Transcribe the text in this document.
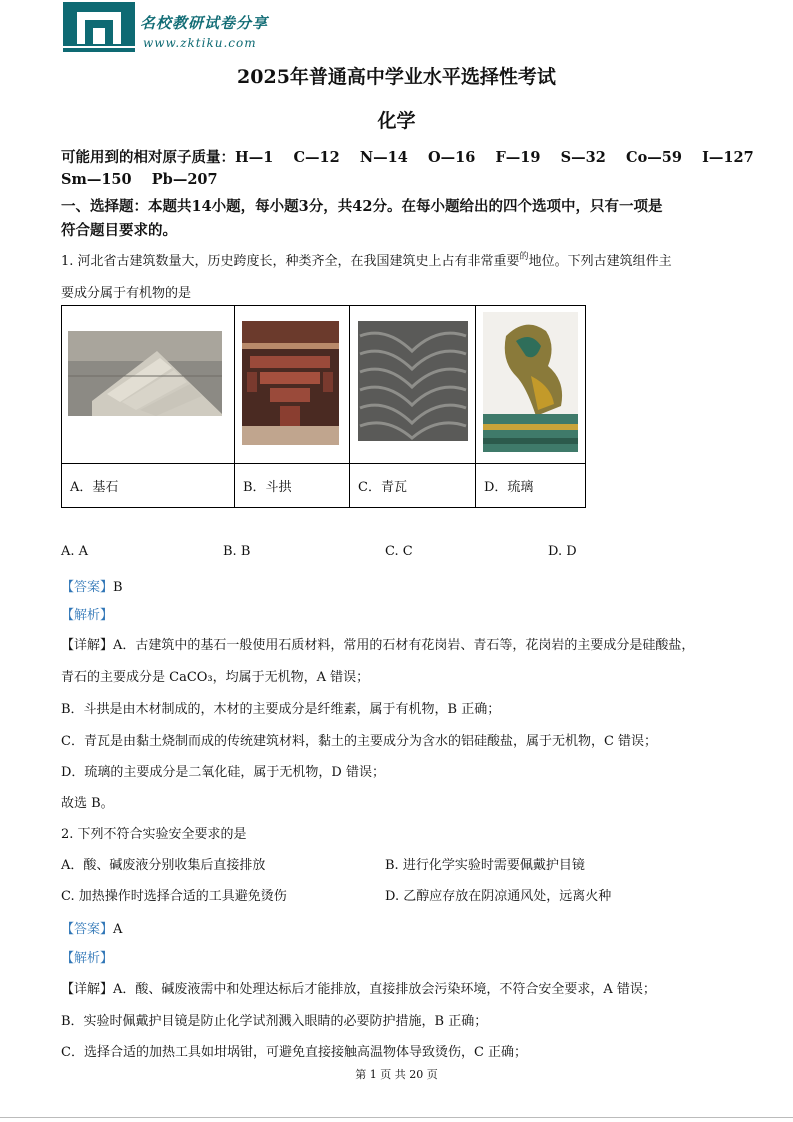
名校教研试卷分享
www.zktiku.com
2025年普通高中学业水平选择性考试
化学
可能用到的相对原子质量：H—1    C—12    N—14    O—16    F—19    S—32    Co—59    I—127
Sm—150    Pb—207
一、选择题：本题共14小题，每小题3分，共42分。在每小题给出的四个选项中，只有一项是
符合题目要求的。
1. 河北省古建筑数量大，历史跨度长，种类齐全，在我国建筑史上占有非常重要$^的$地位。下列古建筑组件主
要成分属于有机物的是

A．基石	B．斗拱	C．青瓦	D．琉璃
A. A	B. B	C. C	D. D
【答案】B
【解析】
【详解】A．古建筑中的基石一般使用石质材料，常用的石材有花岗岩、青石等，花岗岩的主要成分是硅酸盐，
青石的主要成分是 CaCO₃，均属于无机物，A 错误；
B．斗拱是由木材制成的，木材的主要成分是纤维素，属于有机物，B 正确；
C．青瓦是由黏土烧制而成的传统建筑材料，黏土的主要成分为含水的铝硅酸盐，属于无机物，C 错误；
D．琉璃的主要成分是二氧化硅，属于无机物，D 错误；
故选 B。
2. 下列不符合实验安全要求的是
A．酸、碱废液分别收集后直接排放	B. 进行化学实验时需要佩戴护目镜
C. 加热操作时选择合适的工具避免烫伤	D. 乙醇应存放在阴凉通风处，远离火种
【答案】A
【解析】
【详解】A．酸、碱废液需中和处理达标后才能排放，直接排放会污染环境，不符合安全要求，A 错误；
B．实验时佩戴护目镜是防止化学试剂溅入眼睛的必要防护措施，B 正确；
C．选择合适的加热工具如坩埚钳，可避免直接接触高温物体导致烫伤，C 正确；
第 1 页 共 20 页
